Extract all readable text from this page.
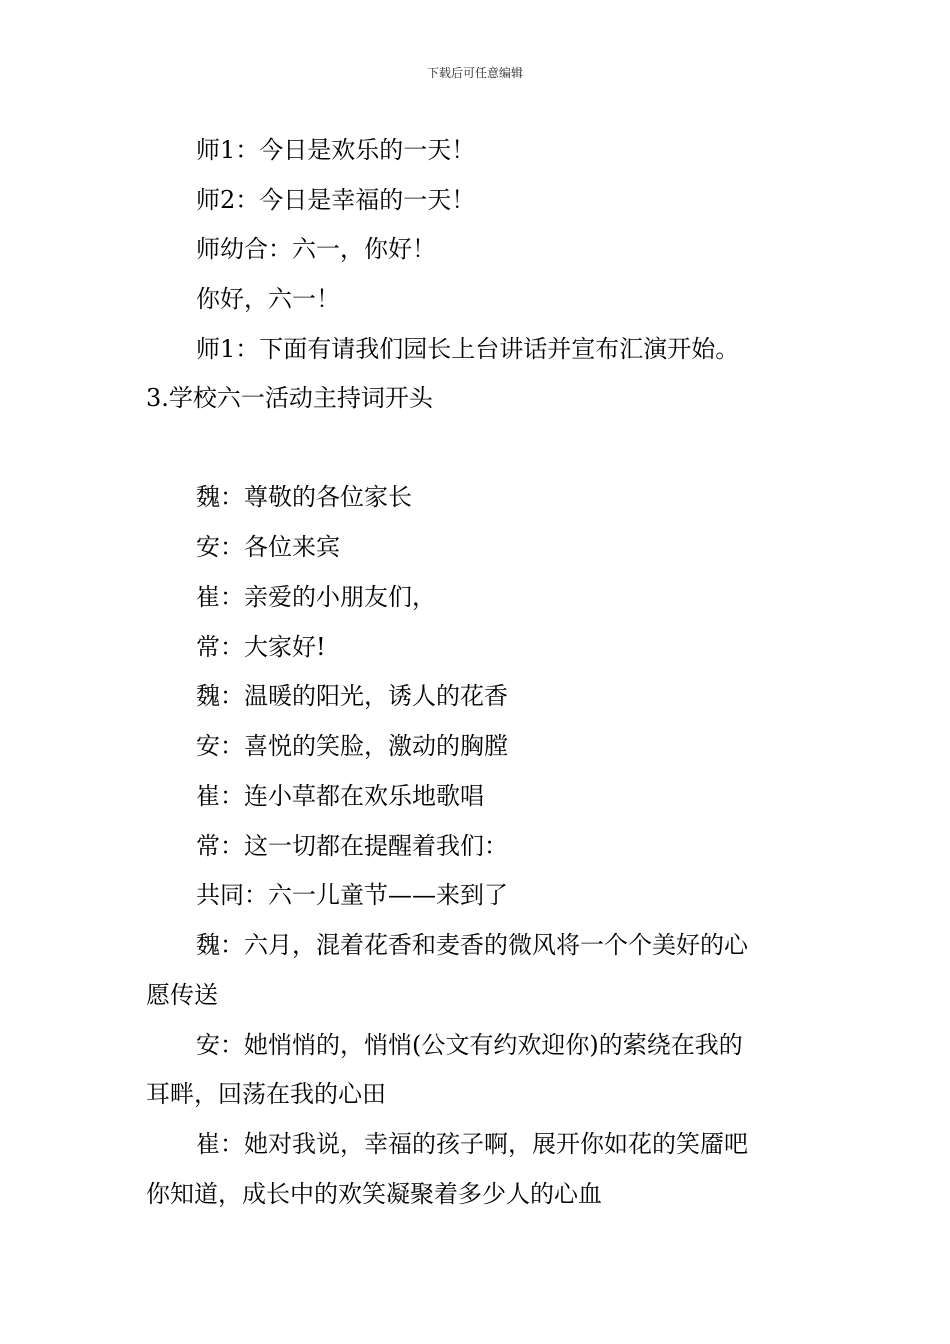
下载后可任意编辑
师1：今日是欢乐的一天！
师2：今日是幸福的一天！
师幼合：六一，你好！
你好，六一！
师1：下面有请我们园长上台讲话并宣布汇演开始。
3.学校六一活动主持词开头
魏：尊敬的各位家长
安：各位来宾
崔：亲爱的小朋友们，
常：大家好!
魏：温暖的阳光，诱人的花香
安：喜悦的笑脸，激动的胸膛
崔：连小草都在欢乐地歌唱
常：这一切都在提醒着我们：
共同：六一儿童节——来到了
魏：六月，混着花香和麦香的微风将一个个美好的心
愿传送
安：她悄悄的，悄悄(公文有约欢迎你)的萦绕在我的
耳畔，回荡在我的心田
崔：她对我说，幸福的孩子啊，展开你如花的笑靥吧
你知道，成长中的欢笑凝聚着多少人的心血
